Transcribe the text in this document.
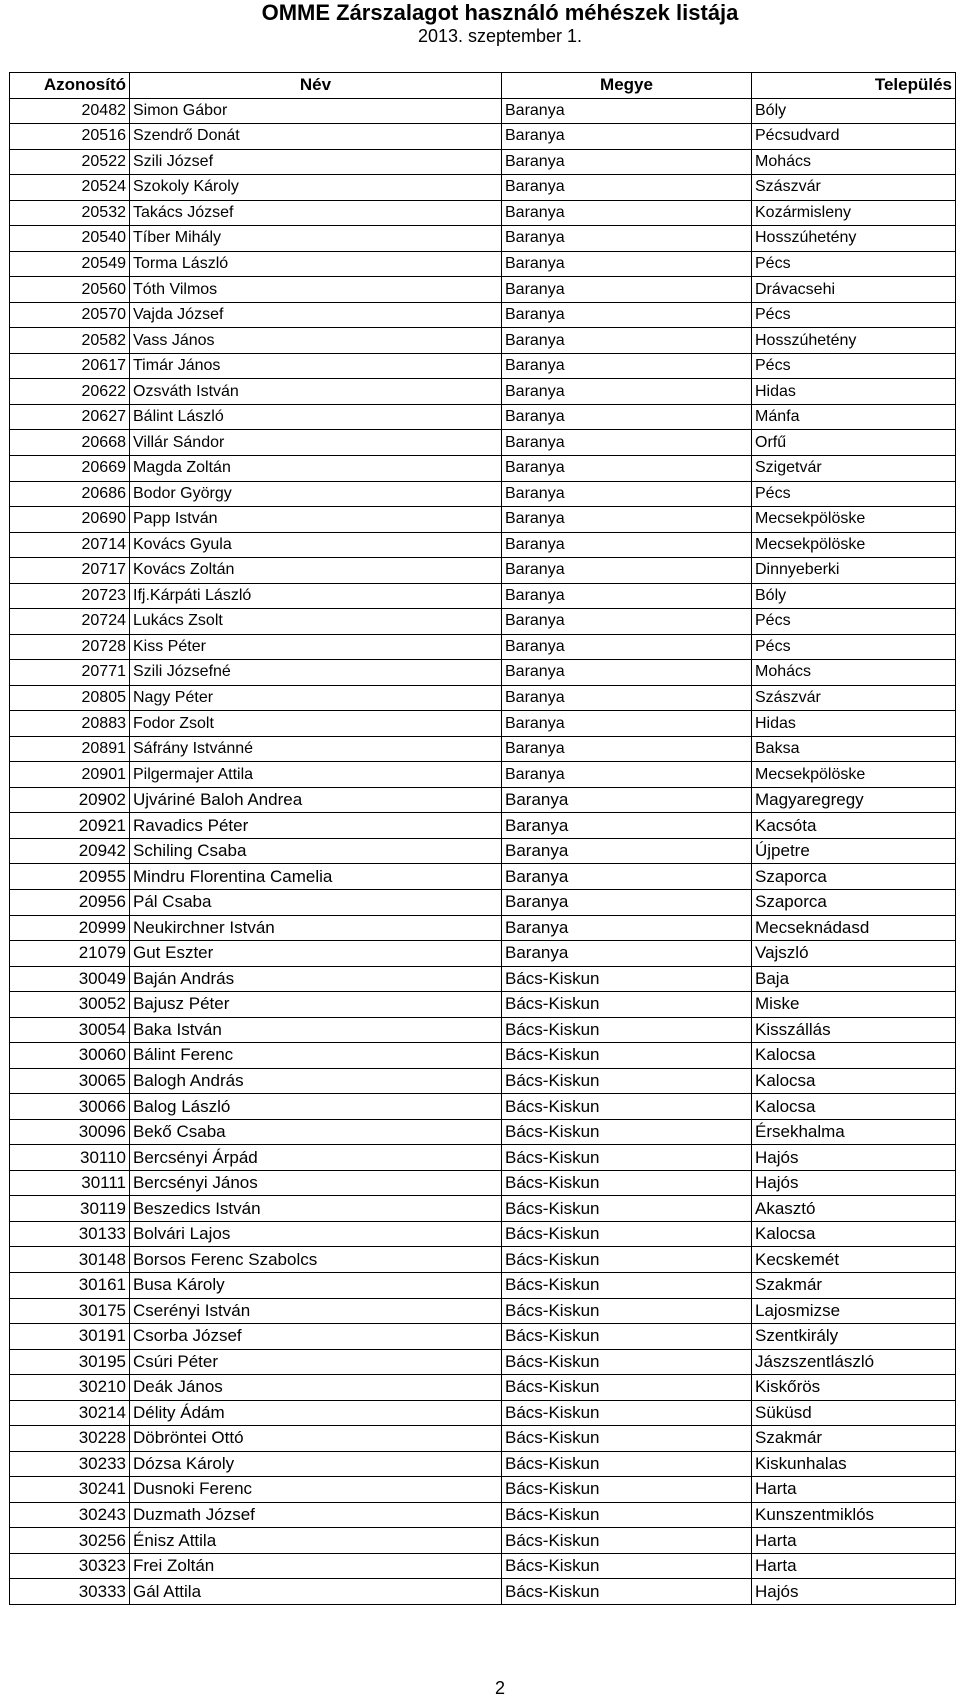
OMME Zárszalagot használó méhészek listája
2013. szeptember 1.
Azonosító	Név	Megye	Település
20482	Simon Gábor	Baranya	Bóly
20516	Szendrő Donát	Baranya	Pécsudvard
20522	Szili József	Baranya	Mohács
20524	Szokoly Károly	Baranya	Szászvár
20532	Takács József	Baranya	Kozármisleny
20540	Tíber Mihály	Baranya	Hosszúhetény
20549	Torma László	Baranya	Pécs
20560	Tóth Vilmos	Baranya	Drávacsehi
20570	Vajda József	Baranya	Pécs
20582	Vass János	Baranya	Hosszúhetény
20617	Timár János	Baranya	Pécs
20622	Ozsváth István	Baranya	Hidas
20627	Bálint László	Baranya	Mánfa
20668	Villár Sándor	Baranya	Orfű
20669	Magda Zoltán	Baranya	Szigetvár
20686	Bodor György	Baranya	Pécs
20690	Papp István	Baranya	Mecsekpölöske
20714	Kovács Gyula	Baranya	Mecsekpölöske
20717	Kovács Zoltán	Baranya	Dinnyeberki
20723	Ifj.Kárpáti László	Baranya	Bóly
20724	Lukács Zsolt	Baranya	Pécs
20728	Kiss Péter	Baranya	Pécs
20771	Szili Józsefné	Baranya	Mohács
20805	Nagy Péter	Baranya	Szászvár
20883	Fodor Zsolt	Baranya	Hidas
20891	Sáfrány Istvánné	Baranya	Baksa
20901	Pilgermajer Attila	Baranya	Mecsekpölöske
20902	Ujváriné Baloh Andrea	Baranya	Magyaregregy
20921	Ravadics Péter	Baranya	Kacsóta
20942	Schiling Csaba	Baranya	Újpetre
20955	Mindru Florentina Camelia	Baranya	Szaporca
20956	Pál Csaba	Baranya	Szaporca
20999	Neukirchner István	Baranya	Mecseknádasd
21079	Gut Eszter	Baranya	Vajszló
30049	Baján András	Bács-Kiskun	Baja
30052	Bajusz Péter	Bács-Kiskun	Miske
30054	Baka István	Bács-Kiskun	Kisszállás
30060	Bálint Ferenc	Bács-Kiskun	Kalocsa
30065	Balogh András	Bács-Kiskun	Kalocsa
30066	Balog László	Bács-Kiskun	Kalocsa
30096	Bekő Csaba	Bács-Kiskun	Érsekhalma
30110	Bercsényi Árpád	Bács-Kiskun	Hajós
30111	Bercsényi János	Bács-Kiskun	Hajós
30119	Beszedics István	Bács-Kiskun	Akasztó
30133	Bolvári Lajos	Bács-Kiskun	Kalocsa
30148	Borsos Ferenc Szabolcs	Bács-Kiskun	Kecskemét
30161	Busa Károly	Bács-Kiskun	Szakmár
30175	Cserényi István	Bács-Kiskun	Lajosmizse
30191	Csorba József	Bács-Kiskun	Szentkirály
30195	Csúri Péter	Bács-Kiskun	Jászszentlászló
30210	Deák János	Bács-Kiskun	Kiskőrös
30214	Délity Ádám	Bács-Kiskun	Süküsd
30228	Döbröntei Ottó	Bács-Kiskun	Szakmár
30233	Dózsa Károly	Bács-Kiskun	Kiskunhalas
30241	Dusnoki Ferenc	Bács-Kiskun	Harta
30243	Duzmath József	Bács-Kiskun	Kunszentmiklós
30256	Énisz Attila	Bács-Kiskun	Harta
30323	Frei Zoltán	Bács-Kiskun	Harta
30333	Gál Attila	Bács-Kiskun	Hajós
2
